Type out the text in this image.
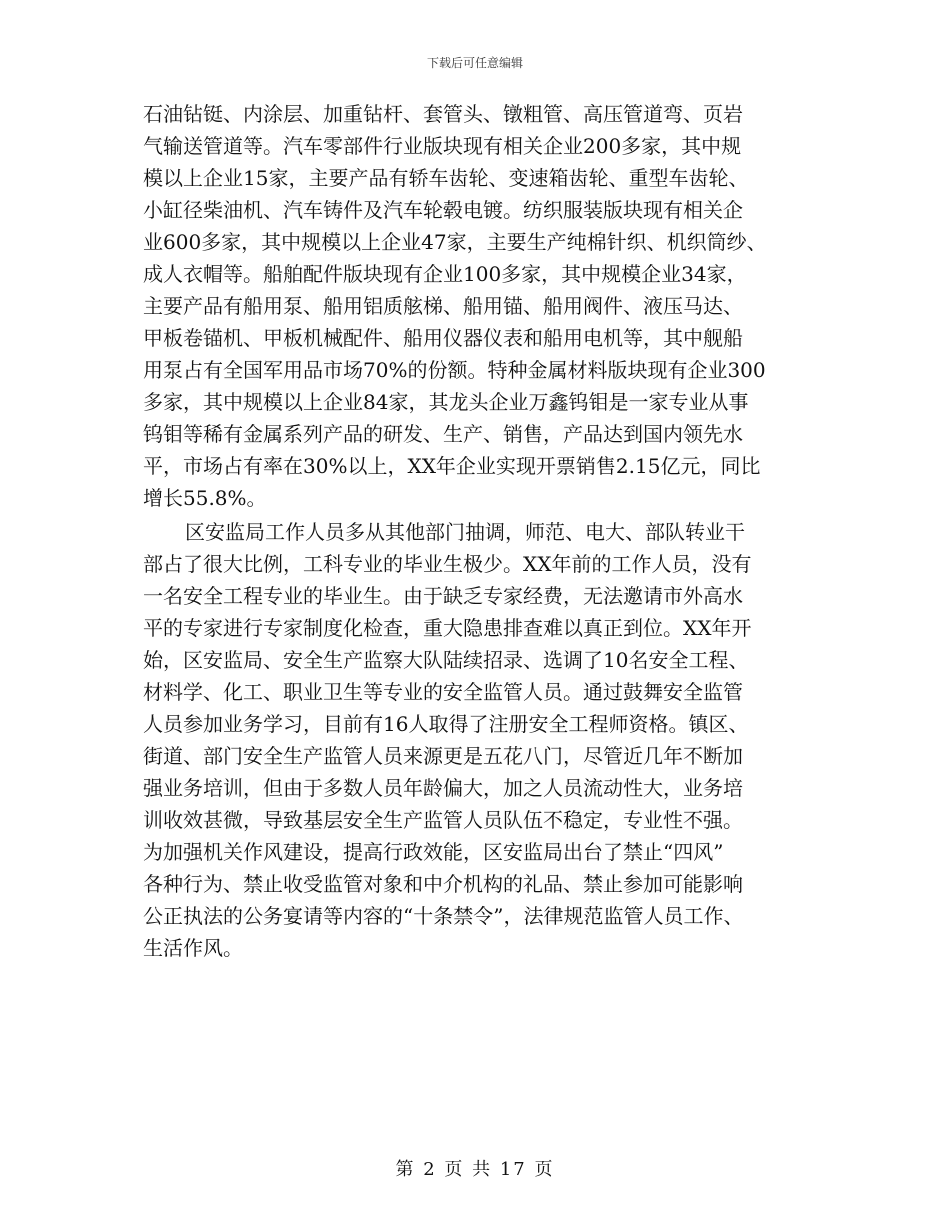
下载后可任意编辑

石油钻铤、内涂层、加重钻杆、套管头、镦粗管、高压管道弯、页岩
气输送管道等。汽车零部件行业版块现有相关企业200多家，其中规
模以上企业15家，主要产品有轿车齿轮、变速箱齿轮、重型车齿轮、
小缸径柴油机、汽车铸件及汽车轮毂电镀。纺织服装版块现有相关企
业600多家，其中规模以上企业47家，主要生产纯棉针织、机织筒纱、
成人衣帽等。船舶配件版块现有企业100多家，其中规模企业34家，
主要产品有船用泵、船用铝质舷梯、船用锚、船用阀件、液压马达、
甲板卷锚机、甲板机械配件、船用仪器仪表和船用电机等，其中舰船
用泵占有全国军用品市场70%的份额。特种金属材料版块现有企业300
多家，其中规模以上企业84家，其龙头企业万鑫钨钼是一家专业从事
钨钼等稀有金属系列产品的研发、生产、销售，产品达到国内领先水
平，市场占有率在30%以上，XX年企业实现开票销售2.15亿元，同比
增长55.8%。

区安监局工作人员多从其他部门抽调，师范、电大、部队转业干
部占了很大比例，工科专业的毕业生极少。XX年前的工作人员，没有
一名安全工程专业的毕业生。由于缺乏专家经费，无法邀请市外高水
平的专家进行专家制度化检查，重大隐患排查难以真正到位。XX年开
始，区安监局、安全生产监察大队陆续招录、选调了10名安全工程、
材料学、化工、职业卫生等专业的安全监管人员。通过鼓舞安全监管
人员参加业务学习，目前有16人取得了注册安全工程师资格。镇区、
街道、部门安全生产监管人员来源更是五花八门，尽管近几年不断加
强业务培训，但由于多数人员年龄偏大，加之人员流动性大，业务培
训收效甚微，导致基层安全生产监管人员队伍不稳定，专业性不强。
为加强机关作风建设，提高行政效能，区安监局出台了禁止“四风”
各种行为、禁止收受监管对象和中介机构的礼品、禁止参加可能影响
公正执法的公务宴请等内容的“十条禁令”，法律规范监管人员工作、
生活作风。

第 2 页 共 17 页
